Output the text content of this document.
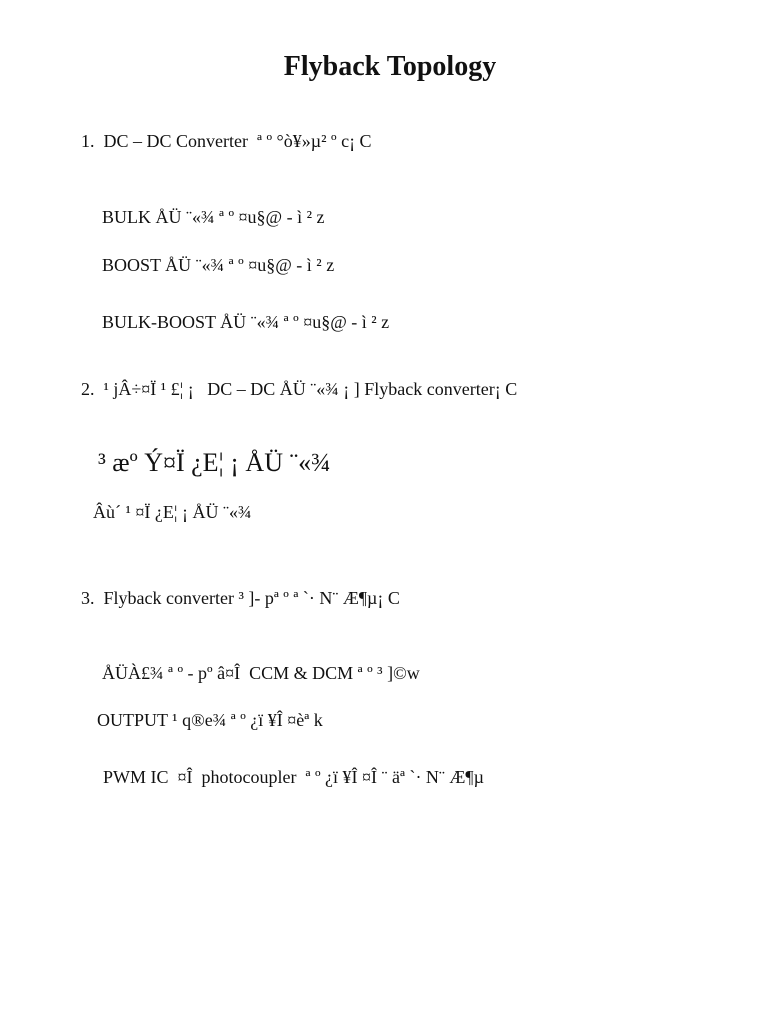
Flyback Topology

1.  DC – DC Converter  ª º °ò¥»µ² º c¡ C

BULK ÅÜ ¨«¾ ª º ¤u§@ - ì ² z

BOOST ÅÜ ¨«¾ ª º ¤u§@ - ì ² z

BULK-BOOST ÅÜ ¨«¾ ª º ¤u§@ - ì ² z

2.  ¹ jÂ÷¤Ï ¹ £¦ ¡   DC – DC ÅÜ ¨«¾ ¡ ] Flyback converter¡ C

³ æº Ý¤Ï ¿E¦ ¡ ÅÜ ¨«¾

Âù´ ¹ ¤Ï ¿E¦ ¡ ÅÜ ¨«¾

3.  Flyback converter ³ ]- pª º ª `· N¨ Æ¶µ¡ C

ÅÜÀ£¾ ª º - pº â¤Î  CCM & DCM ª º ³ ]©w

OUTPUT ¹ q®e¾ ª º ¿ï ¥Î ¤èª k

PWM IC  ¤Î  photocoupler  ª º ¿ï ¥Î ¤Î ¨ äª `· N¨ Æ¶µ
